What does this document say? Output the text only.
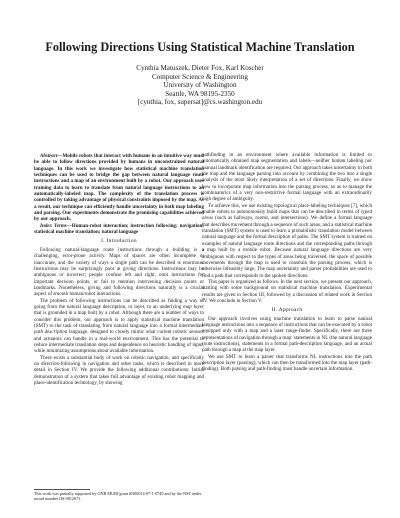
Following Directions Using Statistical Machine Translation
Cynthia Matuszek, Dieter Fox, Karl Koscher
Computer Science & Engineering
University of Washington
Seattle, WA 98195-2350
[cynthia, fox, supersat]@cs.washington.edu

Abstract—Mobile robots that interact with humans in an intuitive way must be able to follow directions provided by humans in unconstrained natural language. In this work we investigate how statistical machine translation techniques can be used to bridge the gap between natural language route instructions and a map of an environment built by a robot. Our approach uses training data to learn to translate from natural language instructions to an automatically-labeled map. The complexity of the translation process is controlled by taking advantage of physical constraints imposed by the map. As a result, our technique can efficiently handle uncertainty in both map labeling and parsing. Our experiments demonstrate the promising capabilities achieved by our approach.

Index Terms—Human-robot interaction; instruction following; navigation; statistical machine translation; natural language

I. Introduction

Following natural-language route instructions through a building is a challenging, error-prone activity. Maps of spaces are often incomplete or inaccurate, and the variety of ways a single path can be described is enormous. Instructions may be surprisingly poor at giving directions. Instructions may be ambiguous or incorrect; people confuse left and right, omit instructions for important decision points, or fail to mention intervening decision points or landmarks. Nonetheless, giving and following directions naturally is a crucial aspect of smooth human/robot interactions.

The problem of following instructions can be described as finding a way of going from the natural language description, or layer, to an underlying map layer that is grounded in a map built by a robot. Although there are a number of ways to consider this problem, our approach is to apply statistical machine translation (SMT) to the task of translating from natural language into a formal intermediate path description language, designed to closely mimic what current robotic sensors and actuators can handle in a real-world environment. This has the potential to reduce intermediate translation steps and dependence on heuristic handling of input, while minimizing assumptions about available information.

There exists a substantial body of work on robotic navigation, and specifically on direction-following in navigation and other tasks, which is described in more detail in Section IV. We provide the following additional contributions: Initial demonstration of a system that takes full advantage of existing robot mapping and place-identification technology, by showing

This work was partially supported by ONR MURI grant #N00014-07-1-0749 and by the NSF under award number IIS-0812671.

pathfinding in an environment where available information is limited to automatically obtained map segmentation and labels—neither human labeling nor manual landmark identification are required. Our approach takes uncertainty in both the map and the language parsing into account by combining the two into a single analysis of the most likely interpretation of a set of directions. Finally, we show how to incorporate map information into the parsing process, so as to manage the combinatorics of a very non-restrictive formal language with an extraordinarily high degree of ambiguity.

To achieve this, we use existing topological place-labeling techniques [7], which enable robots to autonomously build maps that can be described in terms of typed areas (such as hallways, rooms, and intersections). We define a formal language that describes movement through a sequence of such areas, and a statistical machine translation (SMT) system is used to learn a probabilistic translation model between natural language and the formal description of paths. The SMT system is trained on examples of natural language route directions and the corresponding paths through a map built by a mobile robot. Because natural language directions are very ambiguous with respect to the types of areas being traversed, the space of possible movements through the map is used to constrain the parsing process, which is otherwise infeasibly large. The map uncertainty and parser probabilities are used to find a path that corresponds to the spoken directions.

This paper is organized as follows. In the next section, we present our approach, starting with some background on statistical machine translation. Experimental results are given in Section III, followed by a discussion of related work in Section IV. We conclude in Section V.

II. Approach

Our approach involves using machine translation to learn to parse natural language instructions into a sequence of instructions that can be executed by a robot equipped only with a map and a laser range-finder. Specifically, there are three representations of navigation through a map: statements in NL (the natural language route instructions), statements in a formal path-description language, and an actual path through a map at the map layer.

We use SMT to learn a parser that transforms NL instructions into the path description layer (parsing), which can then be transformed into the map layer (path-finding). Both parsing and path-finding must handle uncertain information.
